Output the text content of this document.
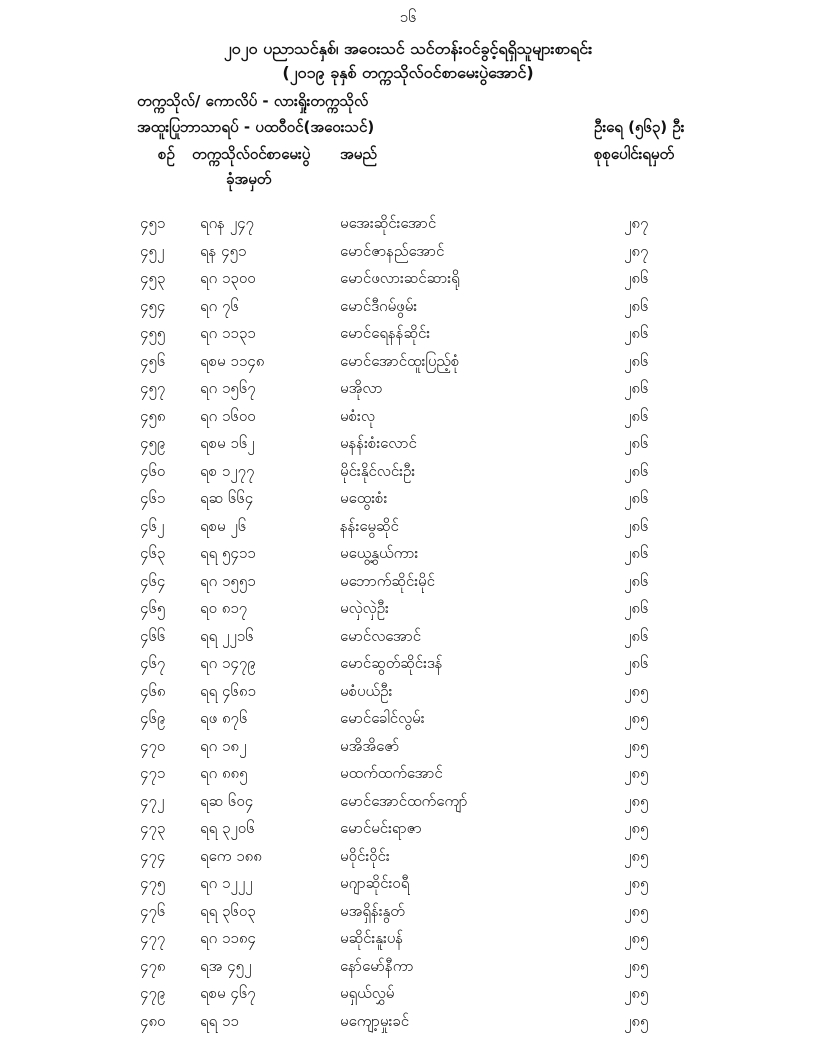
၁၆
၂၀၂၀ ပညာသင်နှစ်၊ အဝေးသင် သင်တန်းဝင်ခွင့်ရရှိသူများစာရင်း
(၂၀၁၉ ခုနှစ် တက္ကသိုလ်ဝင်စာမေးပွဲအောင်)
တက္ကသိုလ်/ ကောလိပ် - လားရှိုးတက္ကသိုလ်
အထူးပြုဘာသာရပ် - ပထဝီဝင်(အဝေးသင်)	ဦးရေ (၅၆၃) ဦး
စဉ် တက္ကသိုလ်ဝင်စာမေးပွဲ
ခုံအမှတ်
အမည်	စုစုပေါင်းရမှတ်
၄၅၁ ရဂန ၂၄၇	မအေးဆိုင်းအောင်	၂၈၇
၄၅၂ ရန ၄၅၁	မောင်ဇာနည်အောင်	၂၈၇
၄၅၃ ရဂ ၁၃၀၀	မောင်ဖလားဆင်ဆားရို	၂၈၆
၄၅၄ ရဂ ၇၆	မောင်ဒီဂမ်ဖွမ်း	၂၈၆
၄၅၅ ရဂ ၁၁၃၁	မောင်ရေနန်ဆိုင်း	၂၈၆
၄၅၆ ရစမ ၁၁၄၈	မောင်အောင်ထူးပြည့်စုံ	၂၈၆
၄၅၇ ရဂ ၁၅၆၇	မအိုလာ	၂၈၆
၄၅၈ ရဂ ၁၆၀၀	မစံးလု	၂၈၆
၄၅၉ ရစမ ၁၆၂	မနန်းစံးလောင်	၂၈၆
၄၆၀ ရစ ၁၂၇၇	မိုင်းနိုင်လင်းဦး	၂၈၆
၄၆၁ ရဆ ၆၆၄	မထွေးစံး	၂၈၆
၄၆၂ ရစမ ၂၆	နန်းမွေဆိုင်	၂၈၆
၄၆၃ ရရ ၅၄၁၁	မယွေ့နွယ်ကား	၂၈၆
၄၆၄ ရဂ ၁၅၅၁	မဘောက်ဆိုင်းမိုင်	၂၈၆
၄၆၅ ရဝ ၈၁၇	မလှဲလှဲဦး	၂၈၆
၄၆၆ ရရ ၂၂၁၆	မောင်လအောင်	၂၈၆
၄၆၇ ရဂ ၁၄၇၉	မောင်ဆွတ်ဆိုင်းဒန်	၂၈၆
၄၆၈ ရရ ၄၆၈၁	မစံပယ်ဦး	၂၈၅
၄၆၉ ရဖ ၈၇၆	မောင်ခေါင်လွမ်း	၂၈၅
၄၇၀ ရဂ ၁၈၂	မအိအိဇော်	၂၈၅
၄၇၁ ရဂ ၈၈၅	မထက်ထက်အောင်	၂၈၅
၄၇၂ ရဆ ၆၀၄	မောင်အောင်ထက်ကျော်	၂၈၅
၄၇၃ ရရ ၃၂၀၆	မောင်မင်းရာဇာ	၂၈၅
၄၇၄ ရကေ ၁၈၈	မဝိုင်းဝိုင်း	၂၈၅
၄၇၅ ရဂ ၁၂၂၂	မဂျာဆိုင်းဝရီ	၂၈၅
၄၇၆ ရရ ၃၆၀၃	မအရှိန်းနွတ်	၂၈၅
၄၇၇ ရဂ ၁၁၈၄	မဆိုင်းနူးပန်	၂၈၅
၄၇၈ ရအ ၄၅၂	နော်မော်နီကာ	၂၈၅
၄၇၉ ရစမ ၄၆၇	မရှယ်လွှမ်	၂၈၅
၄၈၀ ရရ ၁၁	မကျော့မှုးခင်	၂၈၅
